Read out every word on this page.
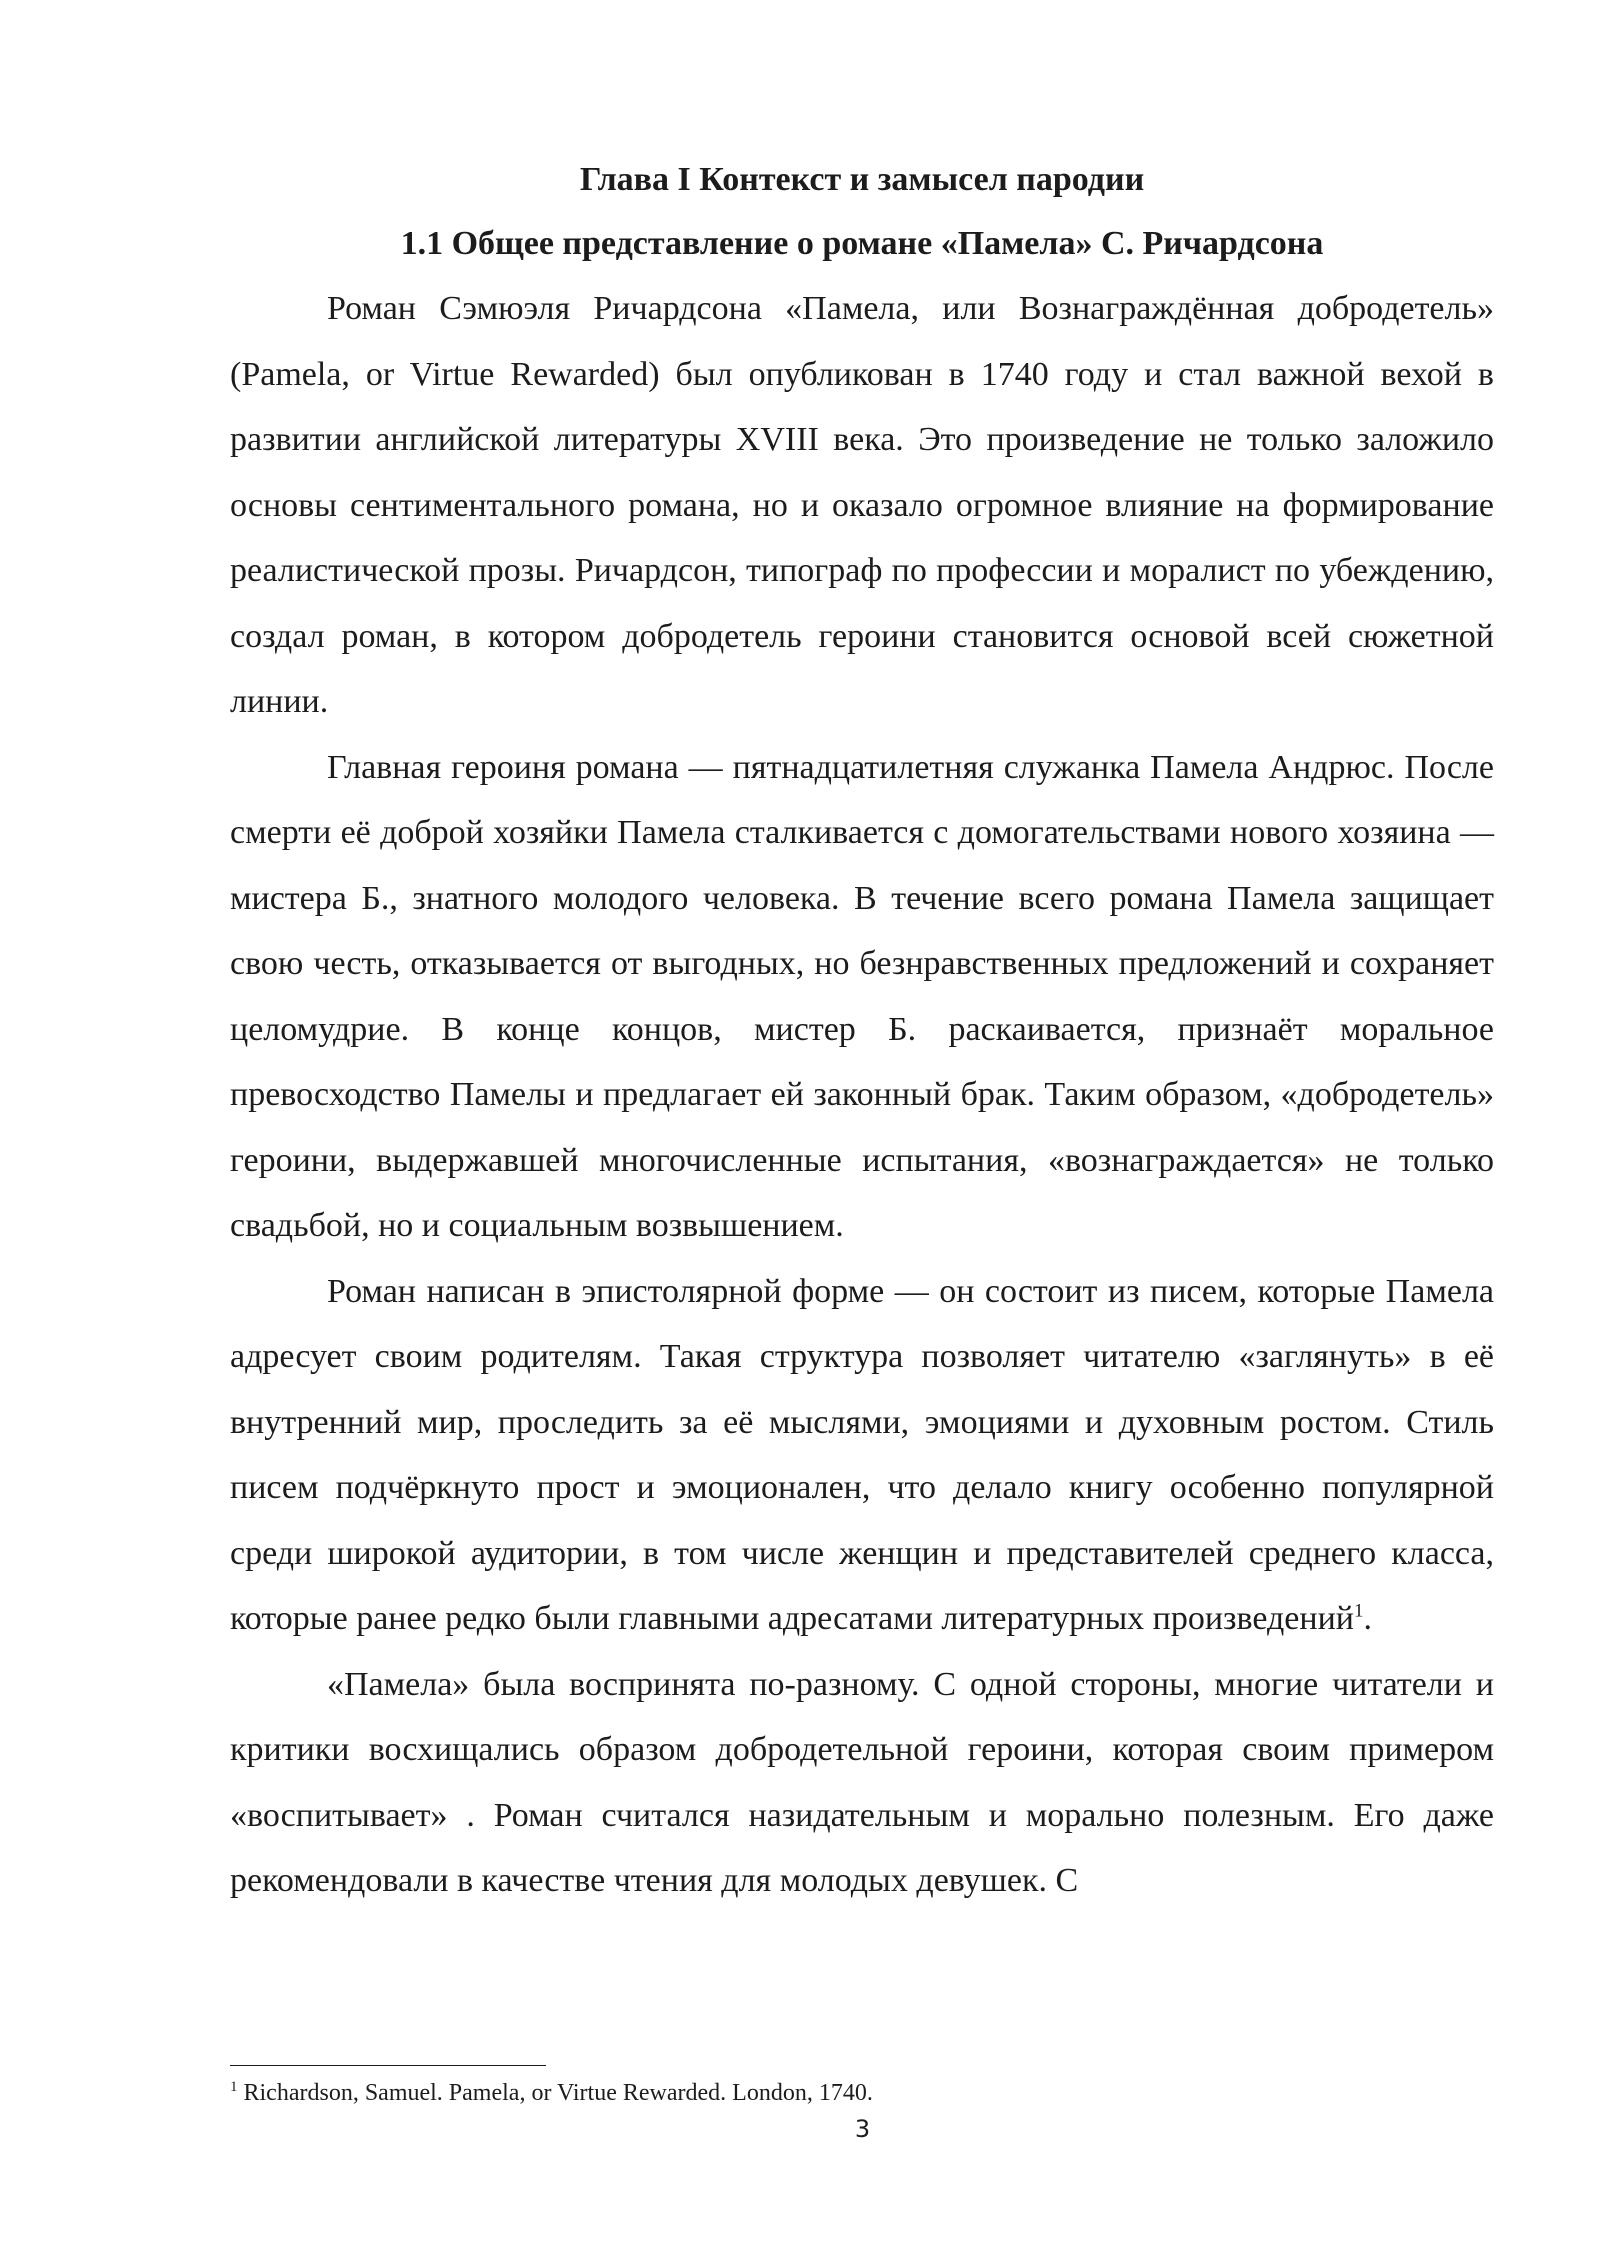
Глава I Контекст и замысел пародии
1.1 Общее представление о романе «Памела» С. Ричардсона

Роман Сэмюэля Ричардсона «Памела, или Вознаграждённая добродетель» (Pamela, or Virtue Rewarded) был опубликован в 1740 году и стал важной вехой в развитии английской литературы XVIII века. Это произведение не только заложило основы сентиментального романа, но и оказало огромное влияние на формирование реалистической прозы. Ричардсон, типограф по профессии и моралист по убеждению, создал роман, в котором добродетель героини становится основой всей сюжетной линии.

Главная героиня романа — пятнадцатилетняя служанка Памела Андрюс. После смерти её доброй хозяйки Памела сталкивается с домогательствами нового хозяина — мистера Б., знатного молодого человека. В течение всего романа Памела защищает свою честь, отказывается от выгодных, но безнравственных предложений и сохраняет целомудрие. В конце концов, мистер Б. раскаивается, признаёт моральное превосходство Памелы и предлагает ей законный брак. Таким образом, «добродетель» героини, выдержавшей многочисленные испытания, «вознаграждается» не только свадьбой, но и социальным возвышением.

Роман написан в эпистолярной форме — он состоит из писем, которые Памела адресует своим родителям. Такая структура позволяет читателю «заглянуть» в её внутренний мир, проследить за её мыслями, эмоциями и духовным ростом. Стиль писем подчёркнуто прост и эмоционален, что делало книгу особенно популярной среди широкой аудитории, в том числе женщин и представителей среднего класса, которые ранее редко были главными адресатами литературных произведений$^1$.

«Памела» была воспринята по-разному. С одной стороны, многие читатели и критики восхищались образом добродетельной героини, которая своим примером «воспитывает» . Роман считался назидательным и морально полезным. Его даже рекомендовали в качестве чтения для молодых девушек. С

$^1$ Richardson, Samuel. Pamela, or Virtue Rewarded. London, 1740.

3
